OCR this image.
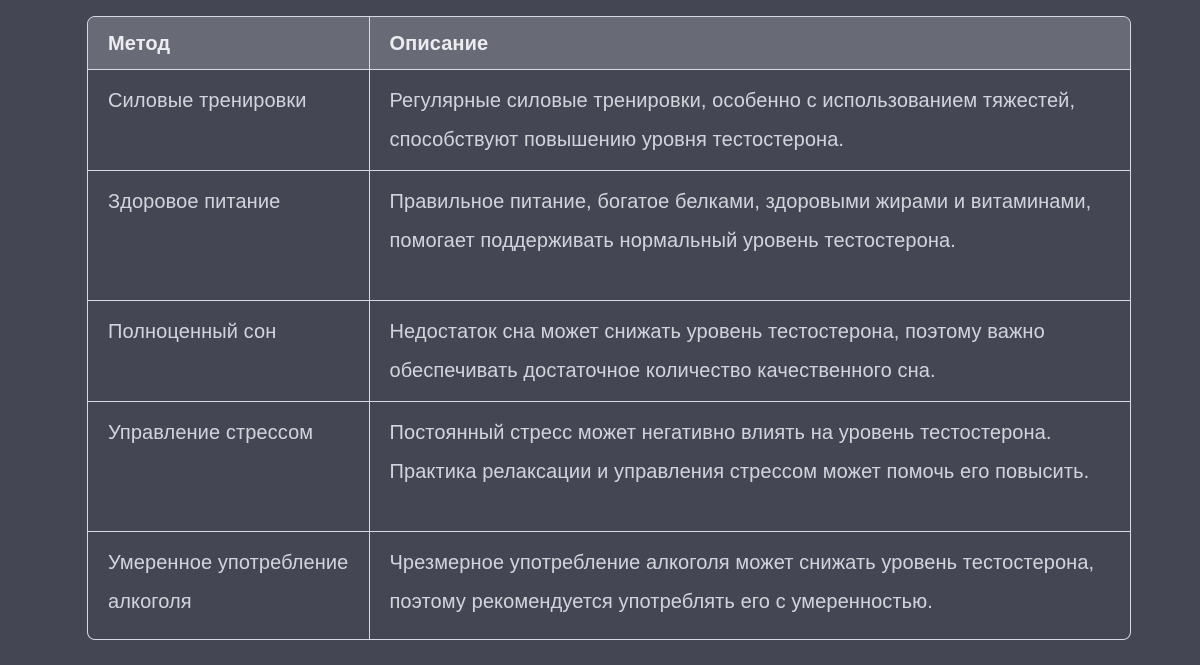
Метод	Описание
Силовые тренировки	Регулярные силовые тренировки, особенно с использованием тяжестей, способствуют повышению уровня тестостерона.
Здоровое питание	Правильное питание, богатое белками, здоровыми жирами и витаминами, помогает поддерживать нормальный уровень тестостерона.
Полноценный сон	Недостаток сна может снижать уровень тестостерона, поэтому важно обеспечивать достаточное количество качественного сна.
Управление стрессом	Постоянный стресс может негативно влиять на уровень тестостерона. Практика релаксации и управления стрессом может помочь его повысить.
Умеренное употребление алкоголя	Чрезмерное употребление алкоголя может снижать уровень тестостерона, поэтому рекомендуется употреблять его с умеренностью.
